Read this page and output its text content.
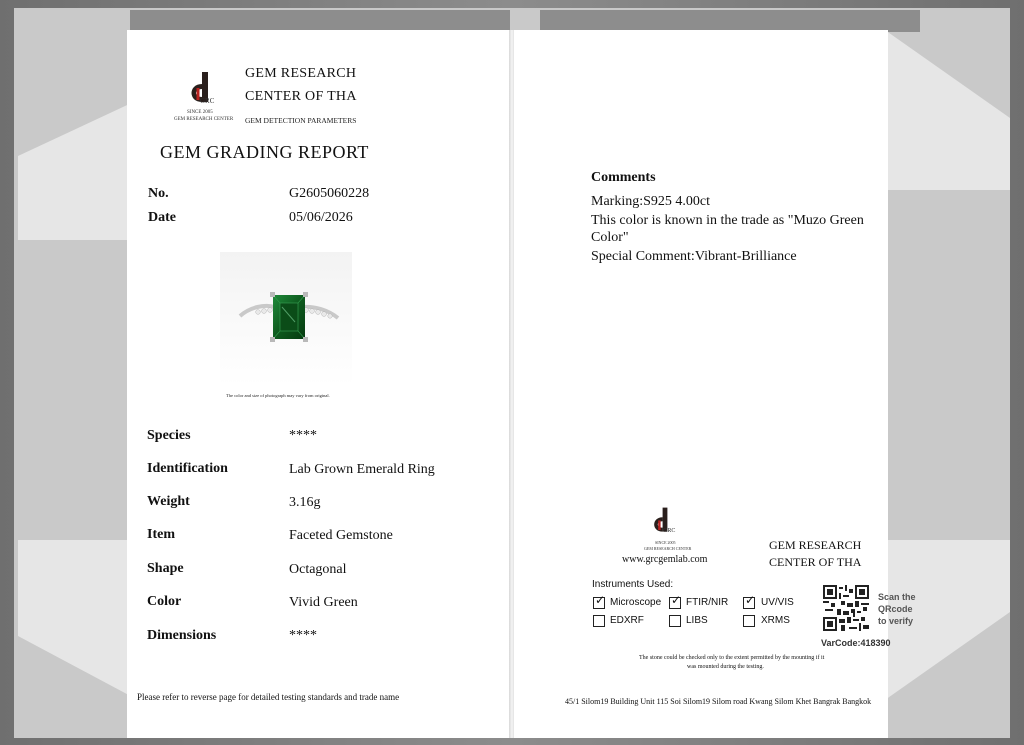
GRC
SINCE 2005
GEM RESEARCH CENTER
GEM RESEARCH
CENTER OF THA
GEM DETECTION PARAMETERS
GEM GRADING REPORT
No.	G2605060228
Date	05/06/2026
The color and size of photograph may vary from original.
Species	****
Identification	Lab Grown Emerald Ring
Weight	3.16g
Item	Faceted Gemstone
Shape	Octagonal
Color	Vivid Green
Dimensions	****
Please refer to reverse page for detailed testing standards and trade name
Comments
Marking:S925 4.00ct
This color is known in the trade as "Muzo Green
Color"
Special Comment:Vibrant-Brilliance
GRC
SINCE 2005
GEM RESEARCH CENTER
www.grcgemlab.com
GEM RESEARCH
CENTER OF THA
Instruments Used:
✓ Microscope ✓ FTIR/NIR ✓ UV/VIS
EDXRF	LIBS	XRMS
Scan the
QRcode
to verify
VarCode:418390
The stone could be checked only to the extent permitted by the mounting if it
was mounted during the testing.
45/1 Silom19 Building Unit 115 Soi Silom19 Silom road Kwang Silom Khet Bangrak Bangkok
